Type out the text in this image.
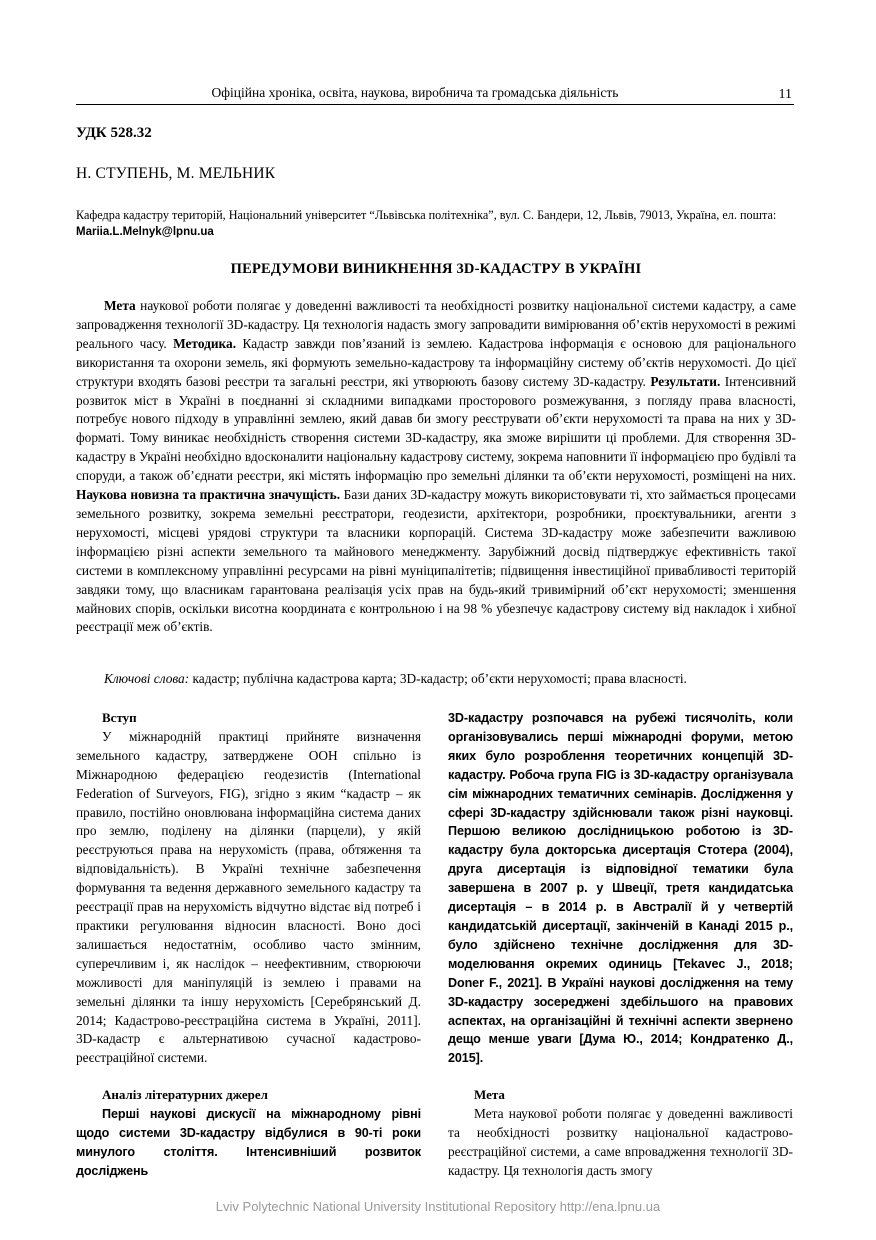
Офіційна хроніка, освіта, наукова, виробнича та громадська діяльність	11
УДК 528.32
Н. СТУПЕНЬ, М. МЕЛЬНИК
Кафедра кадастру територій, Національний університет “Львівська політехніка”, вул. С. Бандери, 12, Львів, 79013, Україна, ел. пошта: Mariia.L.Melnyk@lpnu.ua
ПЕРЕДУМОВИ ВИНИКНЕННЯ 3D-КАДАСТРУ В УКРАЇНІ

Мета наукової роботи полягає у доведенні важливості та необхідності розвитку національної системи кадастру, а саме запровадження технології 3D-кадастру. Ця технологія надасть змогу запровадити вимірювання об’єктів нерухомості в режимі реального часу. Методика. Кадастр завжди пов’язаний із землею. Кадастрова інформація є основою для раціонального використання та охорони земель, які формують земельно-кадастрову та інформаційну систему об’єктів нерухомості. До цієї структури входять базові реєстри та загальні реєстри, які утворюють базову систему 3D-кадастру. Результати. Інтенсивний розвиток міст в Україні в поєднанні зі складними випадками просторового розмежування, з погляду права власності, потребує нового підходу в управлінні землею, який давав би змогу реєструвати об’єкти нерухомості та права на них у 3D-форматі. Тому виникає необхідність створення системи 3D-кадастру, яка зможе вирішити ці проблеми. Для створення 3D-кадастру в Україні необхідно вдосконалити національну кадастрову систему, зокрема наповнити її інформацією про будівлі та споруди, а також об’єднати реєстри, які містять інформацію про земельні ділянки та об’єкти нерухомості, розміщені на них. Наукова новизна та практична значущість. Бази даних 3D-кадастру можуть використовувати ті, хто займається процесами земельного розвитку, зокрема земельні реєстратори, геодезисти, архітектори, розробники, проєктувальники, агенти з нерухомості, місцеві урядові структури та власники корпорацій. Система 3D-кадастру може забезпечити важливою інформацією різні аспекти земельного та майнового менеджменту. Зарубіжний досвід підтверджує ефективність такої системи в комплексному управлінні ресурсами на рівні муніципалітетів; підвищення інвестиційної привабливості територій завдяки тому, що власникам гарантована реалізація усіх прав на будь-який тривимірний об’єкт нерухомості; зменшення майнових спорів, оскільки висотна координата є контрольною і на 98 % убезпечує кадастрову систему від накладок і хибної реєстрації меж об’єктів.

Ключові слова: кадастр; публічна кадастрова карта; 3D-кадастр; об’єкти нерухомості; права власності.

Вступ

У міжнародній практиці прийняте визначення земельного кадастру, затверджене ООН спільно із Міжнародною федерацією геодезистів (International Federation of Surveyors, FIG), згідно з яким “кадастр – як правило, постійно оновлювана інформаційна система даних про землю, поділену на ділянки (парцели), у якій реєструються права на нерухомість (права, обтяження та відповідальність). В Україні технічне забезпечення формування та ведення державного земельного кадастру та реєстрації прав на нерухомість відчутно відстає від потреб і практики регулювання відносин власності. Воно досі залишається недостатнім, особливо часто змінним, суперечливим і, як наслідок – неефективним, створюючи можливості для маніпуляцій із землею і правами на земельні ділянки та іншу нерухомість [Серебрянський Д. 2014; Кадастрово-реєстраційна система в Україні, 2011]. 3D-кадастр є альтернативою сучасної кадастрово-реєстраційної системи.

Аналіз літературних джерел

Перші наукові дискусії на міжнародному рівні щодо системи 3D-кадастру відбулися в 90-ті роки минулого століття. Інтенсивніший розвиток досліджень

3D-кадастру розпочався на рубежі тисячоліть, коли організовувались перші міжнародні форуми, метою яких було розроблення теоретичних концепцій 3D-кадастру. Робоча група FIG із 3D-кадастру організувала сім міжнародних тематичних семінарів. Дослідження у сфері 3D-кадастру здійснювали також різні науковці. Першою великою дослідницькою роботою із 3D-кадастру була докторська дисертація Стотера (2004), друга дисертація із відповідної тематики була завершена в 2007 р. у Швеції, третя кандидатська дисертація – в 2014 р. в Австралії й у четвертій кандидатській дисертації, закінченій в Канаді 2015 р., було здійснено технічне дослідження для 3D-моделювання окремих одиниць [Tekavec J., 2018; Doner F., 2021]. В Україні наукові дослідження на тему 3D-кадастру зосереджені здебільшого на правових аспектах, на організаційні й технічні аспекти звернено дещо менше уваги [Дума Ю., 2014; Кондратенко Д., 2015].

Мета

Мета наукової роботи полягає у доведенні важливості та необхідності розвитку національної кадастрово-реєстраційної системи, а саме впровадження технології 3D-кадастру. Ця технологія дасть змогу

Lviv Polytechnic National University Institutional Repository http://ena.lpnu.ua
